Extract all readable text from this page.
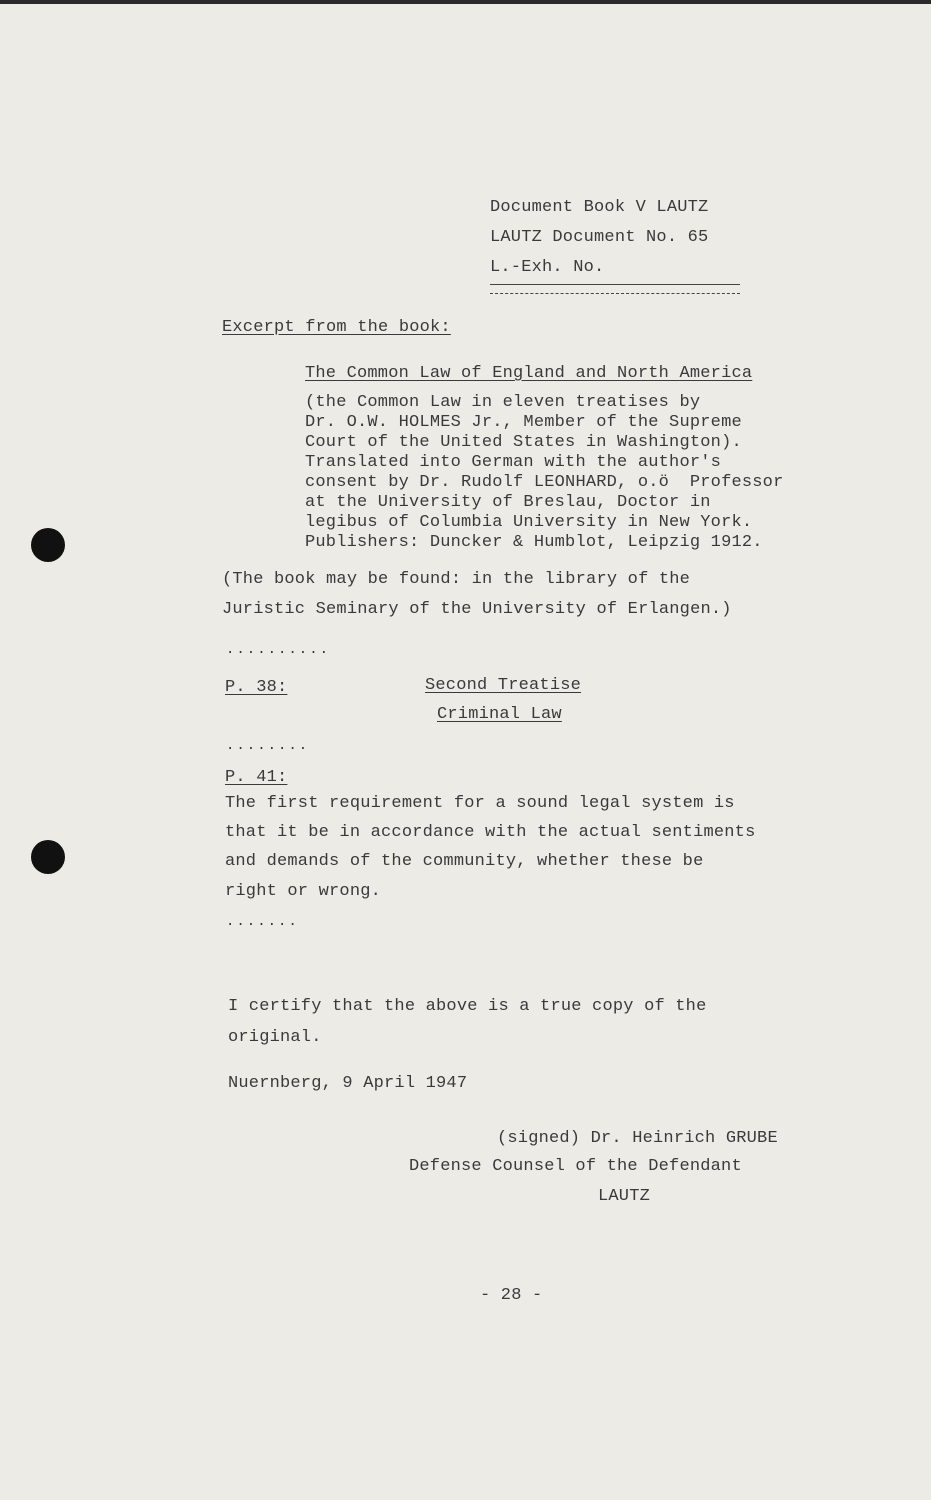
Document Book V LAUTZ
LAUTZ Document No. 65
L.-Exh. No.
Excerpt from the book:
The Common Law of England and North America
(the Common Law in eleven treatises by
Dr. O.W. HOLMES Jr., Member of the Supreme
Court of the United States in Washington).
Translated into German with the author's
consent by Dr. Rudolf LEONHARD, o.ö  Professor
at the University of Breslau, Doctor in
legibus of Columbia University in New York.
Publishers: Duncker & Humblot, Leipzig 1912.
(The book may be found: in the library of the
Juristic Seminary of the University of Erlangen.)
..........
P. 38:	Second Treatise
Criminal Law
........
P. 41:
The first requirement for a sound legal system is
that it be in accordance with the actual sentiments
and demands of the community, whether these be
right or wrong.
.......
I certify that the above is a true copy of the
original.
Nuernberg, 9 April 1947
(signed) Dr. Heinrich GRUBE
Defense Counsel of the Defendant
LAUTZ
- 28 -
